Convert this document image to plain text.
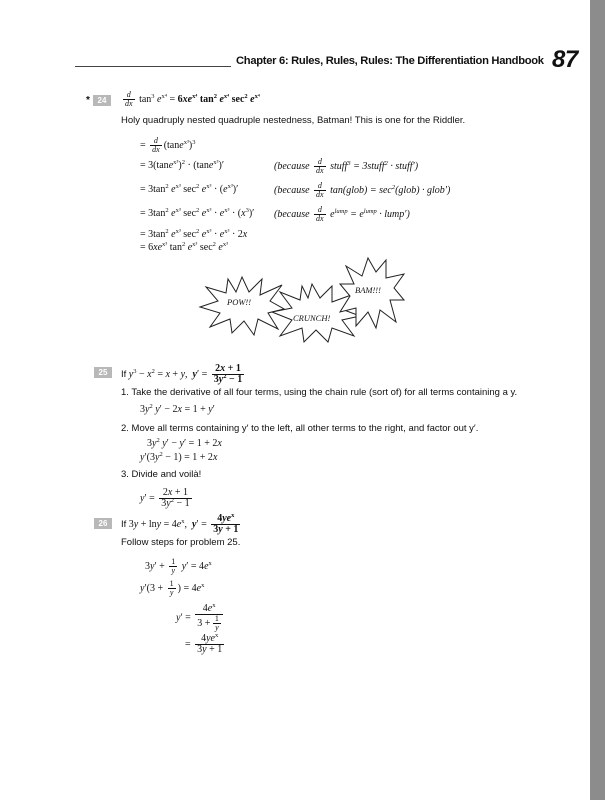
Chapter 6: Rules, Rules, Rules: The Differentiation Handbook 87
* 24	$\frac{d}{dx} \tan^3 e^{x^4} = 6xe^{x^4}$ $\tan^2 e^{x^4}$ $\sec^2 e^{x^4}$
Holy quadruply nested quadruple nestedness, Batman! This is one for the Riddler.
= $\frac{d}{dx} (\tan e^{x^3})^3$
= $3(\tan e^{x^3})^2 \cdot (\tan e^{x^3})'$	(because $\frac{d}{dx}$ stuff$^3$ = 3stuff$^2$ · stuff′)
= $3\tan^2$ $e^{x^3}$ $\sec^2 e^{x^3} \cdot (e^{x^3})'$	(because $\frac{d}{dx}$ tan(glob) = $\sec^2(glob)$ · glob′)
= $3\tan^2$ $e^{x^3}$ $\sec^2 e^{x^3} \cdot e^{x^3} \cdot (x^3)'$ (because $\frac{d}{dx} e^{lump} = e^{lump}$ · lump′)
= $3\tan^2$ $e^{x^3}$ $\sec^2 e^{x^3} \cdot e^{x^3} \cdot 2x$
= $6xe^{x^3}$ $\tan^2 e^{x^3}$ $\sec^2 e^{x^3}$
POW!!
CRUNCH!
BAM!!!
25	If $y^3 - x^2 = x + y$,  $y' = \frac{2x + 1}{3y^2 - 1}$
1. Take the derivative of all four terms, using the chain rule (sort of) for all terms containing a y.
$3y^2$ y′ − 2x = 1 + y′
2. Move all terms containing y′ to the left, all other terms to the right, and factor out y′.
$3y^2$ y′ − y′ = 1 + 2x
$y'(3y^2 - 1) = 1 + 2x$
3. Divide and voilà!
$y' = \frac{2x + 1}{3y^2 - 1}$
26	If $3y + \ln y = 4e^x$,  $y' = \frac{4ye^x}{3y + 1}$
Follow steps for problem 25.
$3y' + \frac{1}{y} y' = 4e^x$
$y'(3 + \frac{1}{y}$ ) = $4e^x$
$y' = \frac{4e^x}{3 + \frac{1}{y}}$
= $\frac{4ye^x}{3y + 1}$
